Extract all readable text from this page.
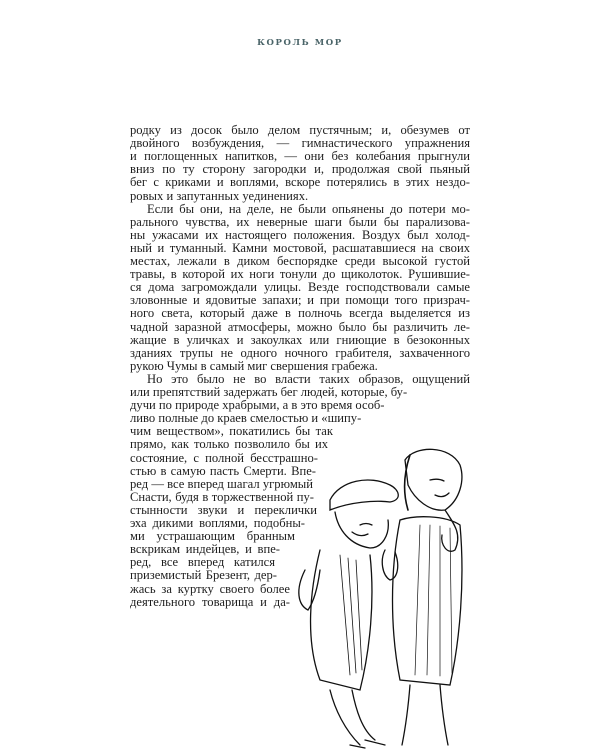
КОРОЛЬ МОР
родку из досок было делом пустячным; и, обезумев от
двойного возбуждения, — гимнастического упражнения
и поглощенных напитков, — они без колебания прыгнули
вниз по ту сторону загородки и, продолжая свой пьяный
бег с криками и воплями, вскоре потерялись в этих нездо-
ровых и запутанных уединениях.
Если бы они, на деле, не были опьянены до потери мо-
рального чувства, их неверные шаги были бы парализова-
ны ужасами их настоящего положения. Воздух был холод-
ный и туманный. Камни мостовой, расшатавшиеся на своих
местах, лежали в диком беспорядке среди высокой густой
травы, в которой их ноги тонули до щиколоток. Рушившие-
ся дома загромождали улицы. Везде господствовали самые
зловонные и ядовитые запахи; и при помощи того призрач-
ного света, который даже в полночь всегда выделяется из
чадной заразной атмосферы, можно было бы различить ле-
жащие в уличках и закоулках или гниющие в безоконных
зданиях трупы не одного ночного грабителя, захваченного
рукою Чумы в самый миг свершения грабежа.
Но это было не во власти таких образов, ощущений
или препятствий задержать бег людей, которые, бу-
дучи по природе храбрыми, а в это время особ-
ливо полные до краев смелостью и «шипу-
чим веществом», покатились бы так
прямо, как только позволило бы их
состояние, с полной бесстрашно-
стью в самую пасть Смерти. Впе-
ред — все вперед шагал угрюмый
Снасти, будя в торжественной пу-
стынности звуки и переклички
эха дикими воплями, подобны-
ми устрашающим бранным
вскрикам индейцев, и впе-
ред, все вперед катился
приземистый Брезент, дер-
жась за куртку своего более
деятельного товарища и да-
